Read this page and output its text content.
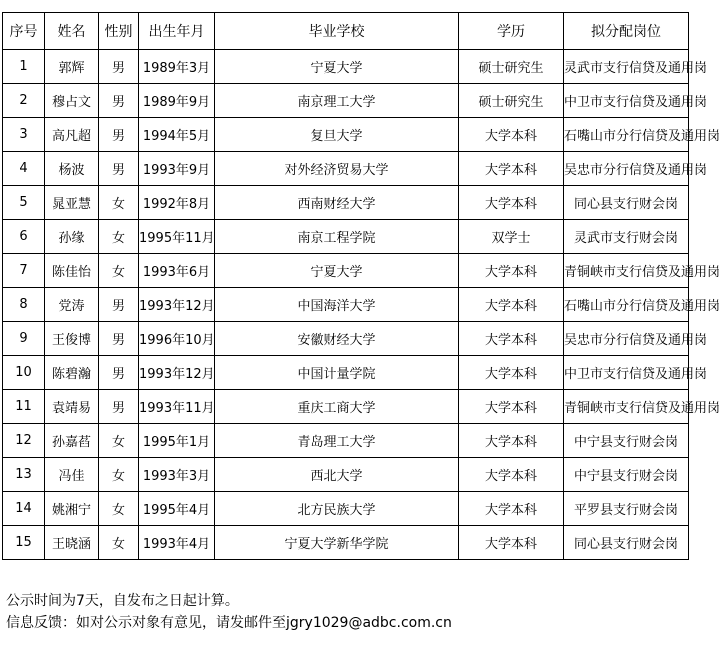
序号	姓名	性别	出生年月	毕业学校	学历	拟分配岗位
1	郭辉	男	1989年3月	宁夏大学	硕士研究生	灵武市支行信贷及通用岗
2	穆占文	男	1989年9月	南京理工大学	硕士研究生	中卫市支行信贷及通用岗
3	高凡超	男	1994年5月	复旦大学	大学本科	石嘴山市分行信贷及通用岗
4	杨波	男	1993年9月	对外经济贸易大学	大学本科	吴忠市分行信贷及通用岗
5	晁亚慧	女	1992年8月	西南财经大学	大学本科	同心县支行财会岗
6	孙缘	女	1995年11月	南京工程学院	双学士	灵武市支行财会岗
7	陈佳怡	女	1993年6月	宁夏大学	大学本科	青铜峡市支行信贷及通用岗
8	党涛	男	1993年12月	中国海洋大学	大学本科	石嘴山市分行信贷及通用岗
9	王俊博	男	1996年10月	安徽财经大学	大学本科	吴忠市分行信贷及通用岗
10	陈碧瀚	男	1993年12月	中国计量学院	大学本科	中卫市支行信贷及通用岗
11	袁靖易	男	1993年11月	重庆工商大学	大学本科	青铜峡市支行信贷及通用岗
12	孙嘉萏	女	1995年1月	青岛理工大学	大学本科	中宁县支行财会岗
13	冯佳	女	1993年3月	西北大学	大学本科	中宁县支行财会岗
14	姚湘宁	女	1995年4月	北方民族大学	大学本科	平罗县支行财会岗
15	王晓涵	女	1993年4月	宁夏大学新华学院	大学本科	同心县支行财会岗
公示时间为7天，自发布之日起计算。
信息反馈：如对公示对象有意见，请发邮件至jgry1029@adbc.com.cn
